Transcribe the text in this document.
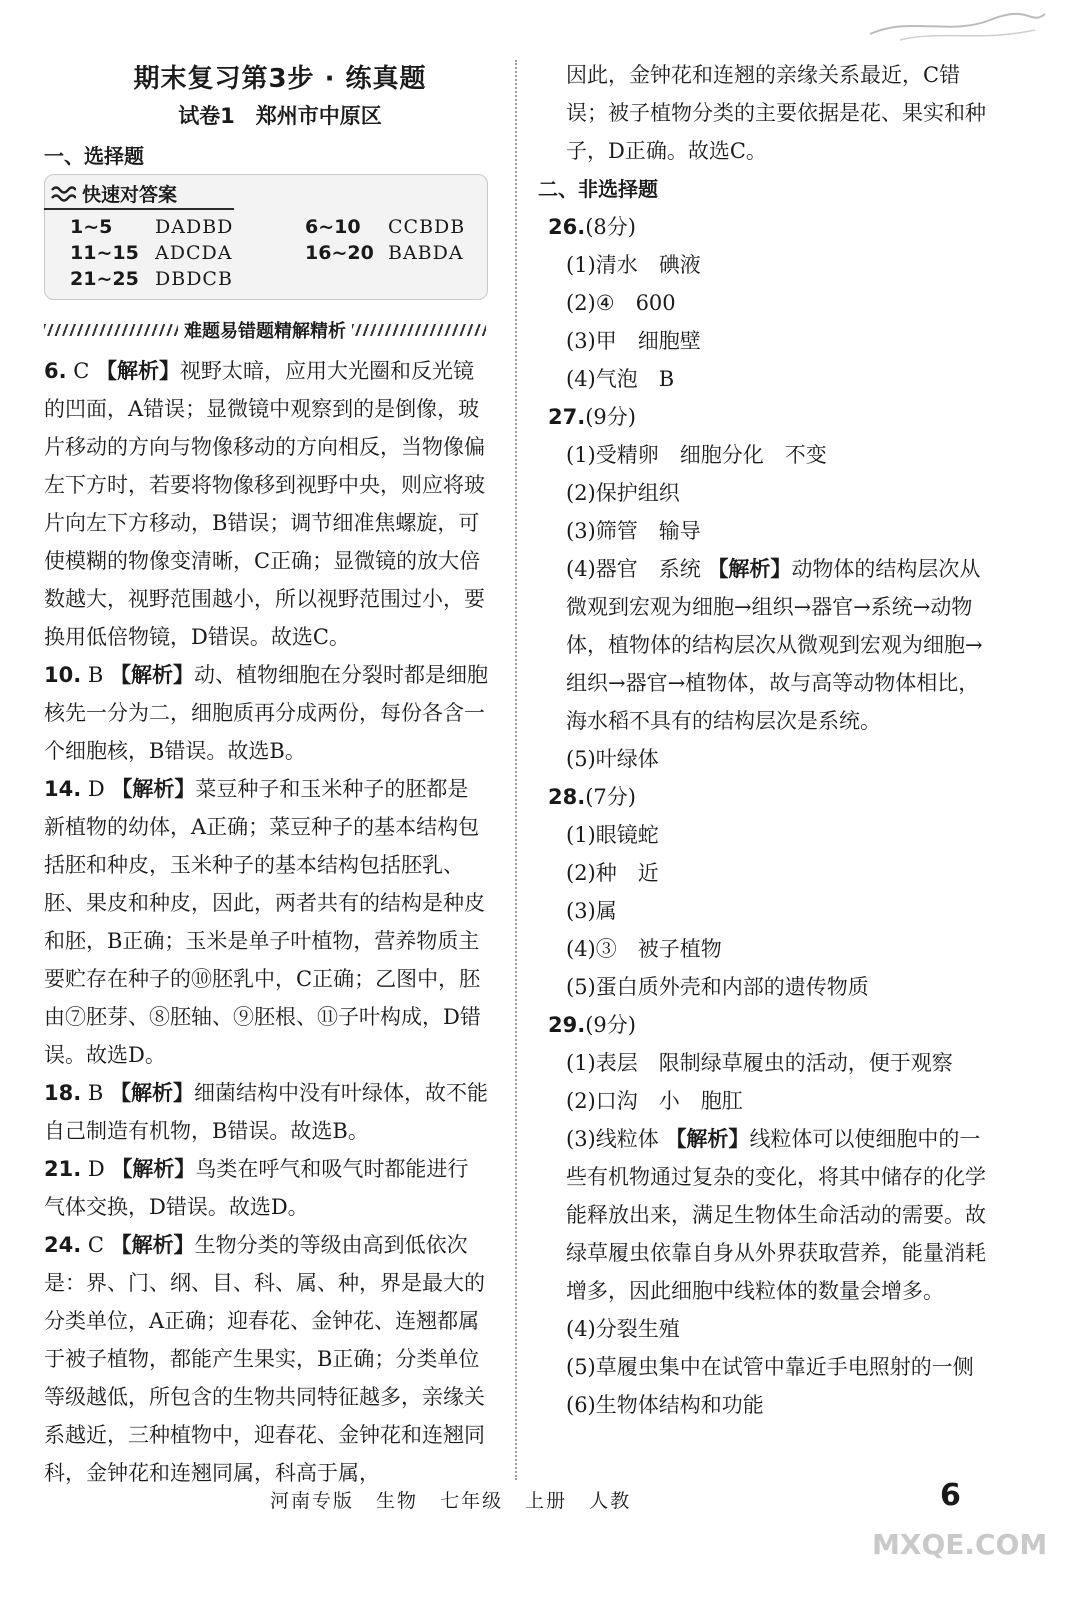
期末复习第3步 · 练真题
试卷1　郑州市中原区
一、选择题
快速对答案
1~5 DADBD	6~10 CCBDB
11~15 ADCDA	16~20 BABDA
21~25 DBDCB
难题易错题精解精析
6. C 【解析】视野太暗，应用大光圈和反光镜的凹面，A错误；显微镜中观察到的是倒像，玻片移动的方向与物像移动的方向相反，当物像偏左下方时，若要将物像移到视野中央，则应将玻片向左下方移动，B错误；调节细准焦螺旋，可使模糊的物像变清晰，C正确；显微镜的放大倍数越大，视野范围越小，所以视野范围过小，要换用低倍物镜，D错误。故选C。
10. B 【解析】动、植物细胞在分裂时都是细胞核先一分为二，细胞质再分成两份，每份各含一个细胞核，B错误。故选B。
14. D 【解析】菜豆种子和玉米种子的胚都是新植物的幼体，A正确；菜豆种子的基本结构包括胚和种皮，玉米种子的基本结构包括胚乳、胚、果皮和种皮，因此，两者共有的结构是种皮和胚，B正确；玉米是单子叶植物，营养物质主要贮存在种子的⑩胚乳中，C正确；乙图中，胚由⑦胚芽、⑧胚轴、⑨胚根、⑪子叶构成，D错误。故选D。
18. B 【解析】细菌结构中没有叶绿体，故不能自己制造有机物，B错误。故选B。
21. D 【解析】鸟类在呼气和吸气时都能进行气体交换，D错误。故选D。
24. C 【解析】生物分类的等级由高到低依次是：界、门、纲、目、科、属、种，界是最大的分类单位，A正确；迎春花、金钟花、连翘都属于被子植物，都能产生果实，B正确；分类单位等级越低，所包含的生物共同特征越多，亲缘关系越近，三种植物中，迎春花、金钟花和连翘同科，金钟花和连翘同属，科高于属，
因此，金钟花和连翘的亲缘关系最近，C错误；被子植物分类的主要依据是花、果实和种子，D正确。故选C。
二、非选择题
26.(8分)
(1)清水　碘液
(2)④　600
(3)甲　细胞壁
(4)气泡　B
27.(9分)
(1)受精卵　细胞分化　不变
(2)保护组织
(3)筛管　输导
(4)器官　系统 【解析】动物体的结构层次从微观到宏观为细胞→组织→器官→系统→动物体，植物体的结构层次从微观到宏观为细胞→组织→器官→植物体，故与高等动物体相比，海水稻不具有的结构层次是系统。
(5)叶绿体
28.(7分)
(1)眼镜蛇
(2)种　近
(3)属
(4)③　被子植物
(5)蛋白质外壳和内部的遗传物质
29.(9分)
(1)表层　限制绿草履虫的活动，便于观察
(2)口沟　小　胞肛
(3)线粒体 【解析】线粒体可以使细胞中的一些有机物通过复杂的变化，将其中储存的化学能释放出来，满足生物体生命活动的需要。故绿草履虫依靠自身从外界获取营养，能量消耗增多，因此细胞中线粒体的数量会增多。
(4)分裂生殖
(5)草履虫集中在试管中靠近手电照射的一侧
(6)生物体结构和功能
河南专版 生物 七年级 上册 人教	6
MXQE.COM
